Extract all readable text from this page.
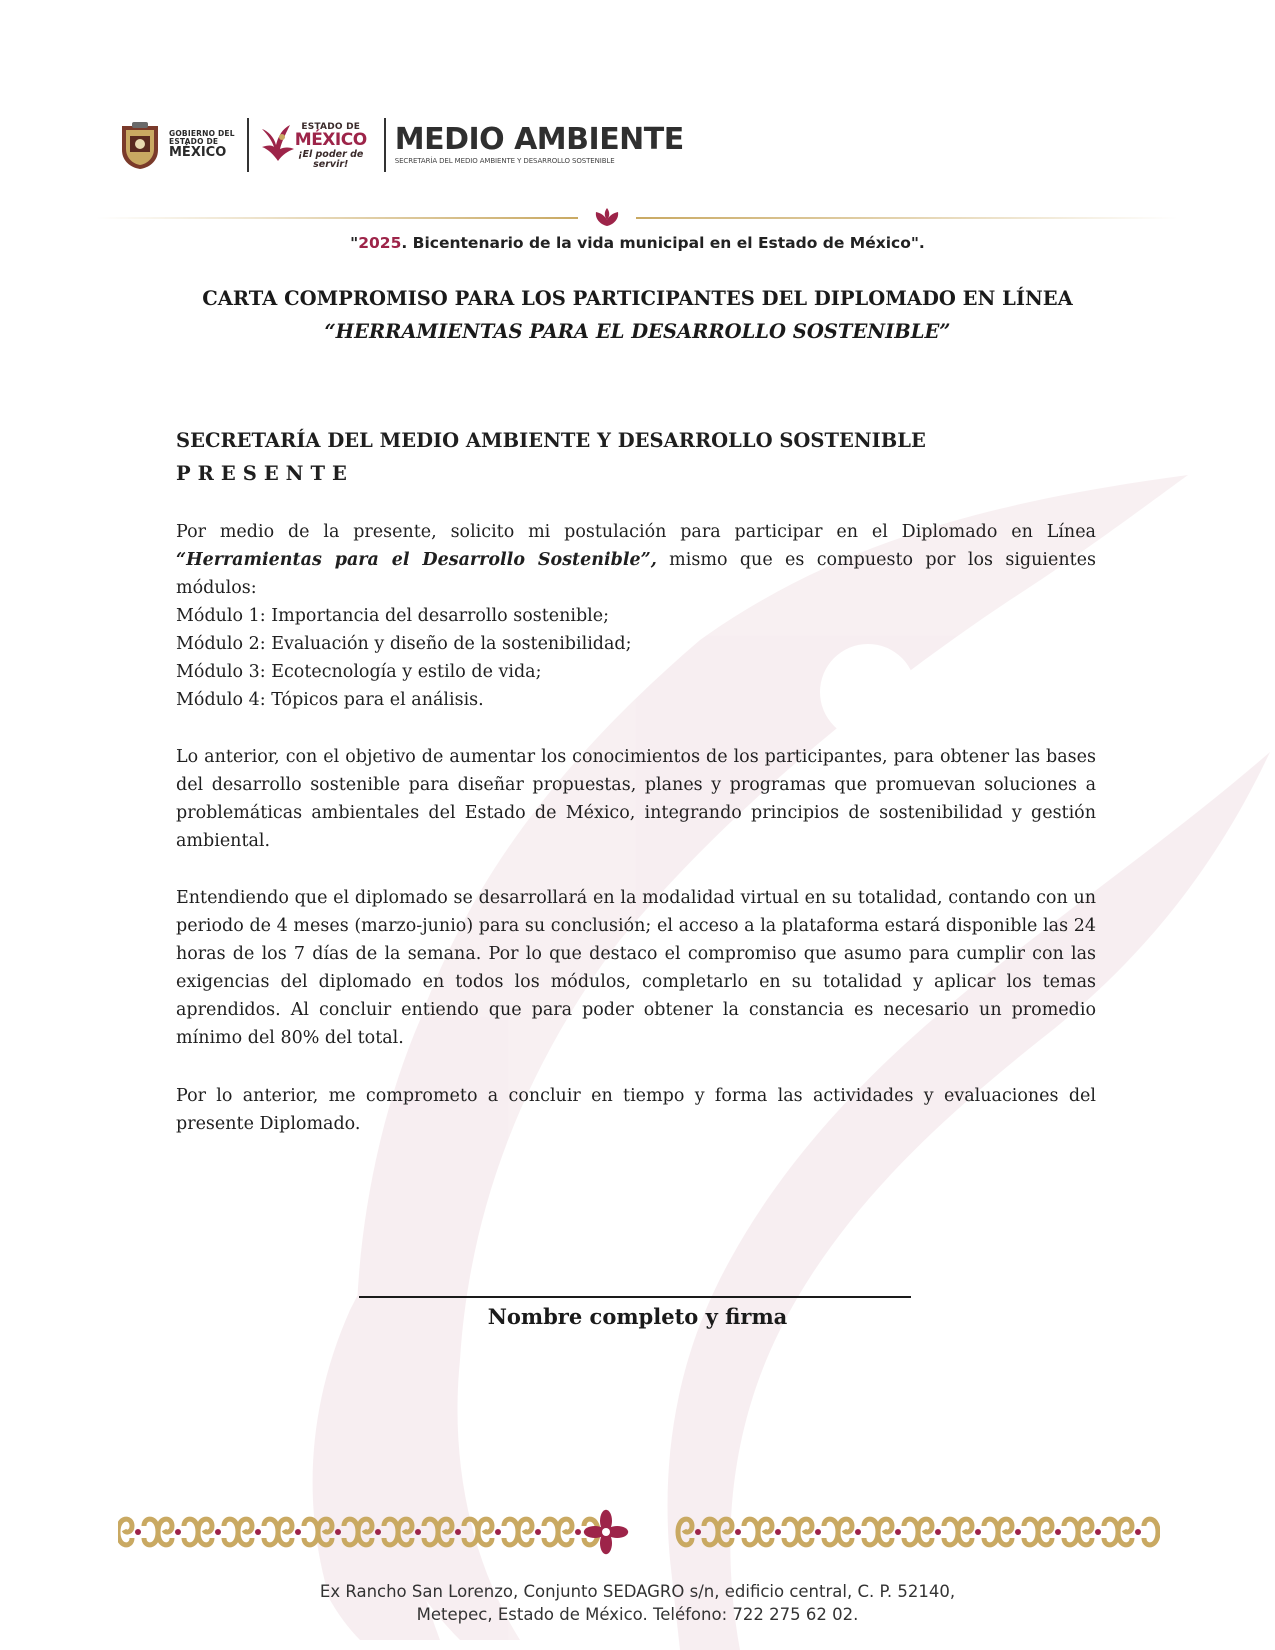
GOBIERNO DEL
ESTADO DE
MÉXICO
ESTADO DE
MÉXICO
¡El poder de servir!
MEDIO AMBIENTE
SECRETARÍA DEL MEDIO AMBIENTE Y DESARROLLO SOSTENIBLE
"2025. Bicentenario de la vida municipal en el Estado de México".
CARTA COMPROMISO PARA LOS PARTICIPANTES DEL DIPLOMADO EN LÍNEA
“HERRAMIENTAS PARA EL DESARROLLO SOSTENIBLE”
SECRETARÍA DEL MEDIO AMBIENTE Y DESARROLLO SOSTENIBLE
PRESENTE

Por medio de la presente, solicito mi postulación para participar en el Diplomado en Línea “Herramientas para el Desarrollo Sostenible”, mismo que es compuesto por los siguientes módulos:

Módulo 1: Importancia del desarrollo sostenible;
Módulo 2: Evaluación y diseño de la sostenibilidad;
Módulo 3: Ecotecnología y estilo de vida;
Módulo 4: Tópicos para el análisis.

Lo anterior, con el objetivo de aumentar los conocimientos de los participantes, para obtener las bases del desarrollo sostenible para diseñar propuestas, planes y programas que promuevan soluciones a problemáticas ambientales del Estado de México, integrando principios de sostenibilidad y gestión ambiental.

Entendiendo que el diplomado se desarrollará en la modalidad virtual en su totalidad, contando con un periodo de 4 meses (marzo-junio) para su conclusión; el acceso a la plataforma estará disponible las 24 horas de los 7 días de la semana. Por lo que destaco el compromiso que asumo para cumplir con las exigencias del diplomado en todos los módulos, completarlo en su totalidad y aplicar los temas aprendidos. Al concluir entiendo que para poder obtener la constancia es necesario un promedio mínimo del 80% del total.

Por lo anterior, me comprometo a concluir en tiempo y forma las actividades y evaluaciones del presente Diplomado.

Nombre completo y firma
Ex Rancho San Lorenzo, Conjunto SEDAGRO s/n, edificio central, C. P. 52140,
Metepec, Estado de México. Teléfono: 722 275 62 02.
